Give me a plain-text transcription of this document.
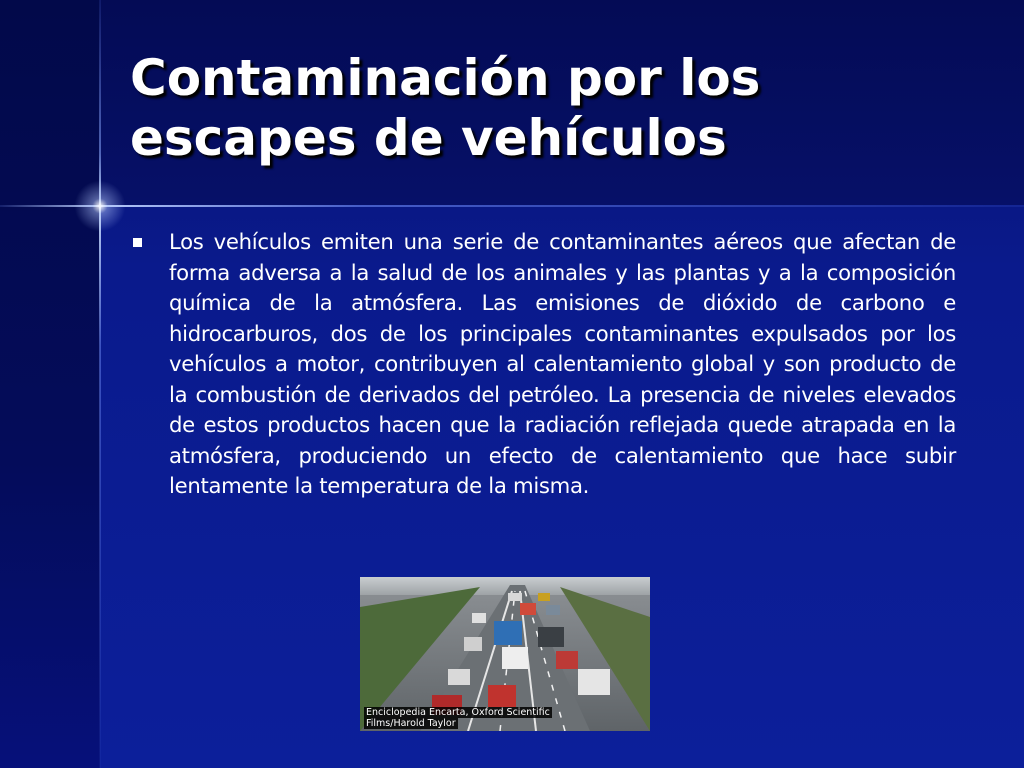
Contaminación por los
escapes de vehículos
Los vehículos emiten una serie de contaminantes aéreos que afectan de forma adversa a la salud de los animales y las plantas y a la composición química de la atmósfera. Las emisiones de dióxido de carbono e hidrocarburos, dos de los principales contaminantes expulsados por los vehículos a motor, contribuyen al calentamiento global y son producto de la combustión de derivados del petróleo. La presencia de niveles elevados de estos productos hacen que la radiación reflejada quede atrapada en la atmósfera, produciendo un efecto de calentamiento que hace subir lentamente la temperatura de la misma.
Enciclopedia Encarta, Oxford Scientific
Films/Harold Taylor
